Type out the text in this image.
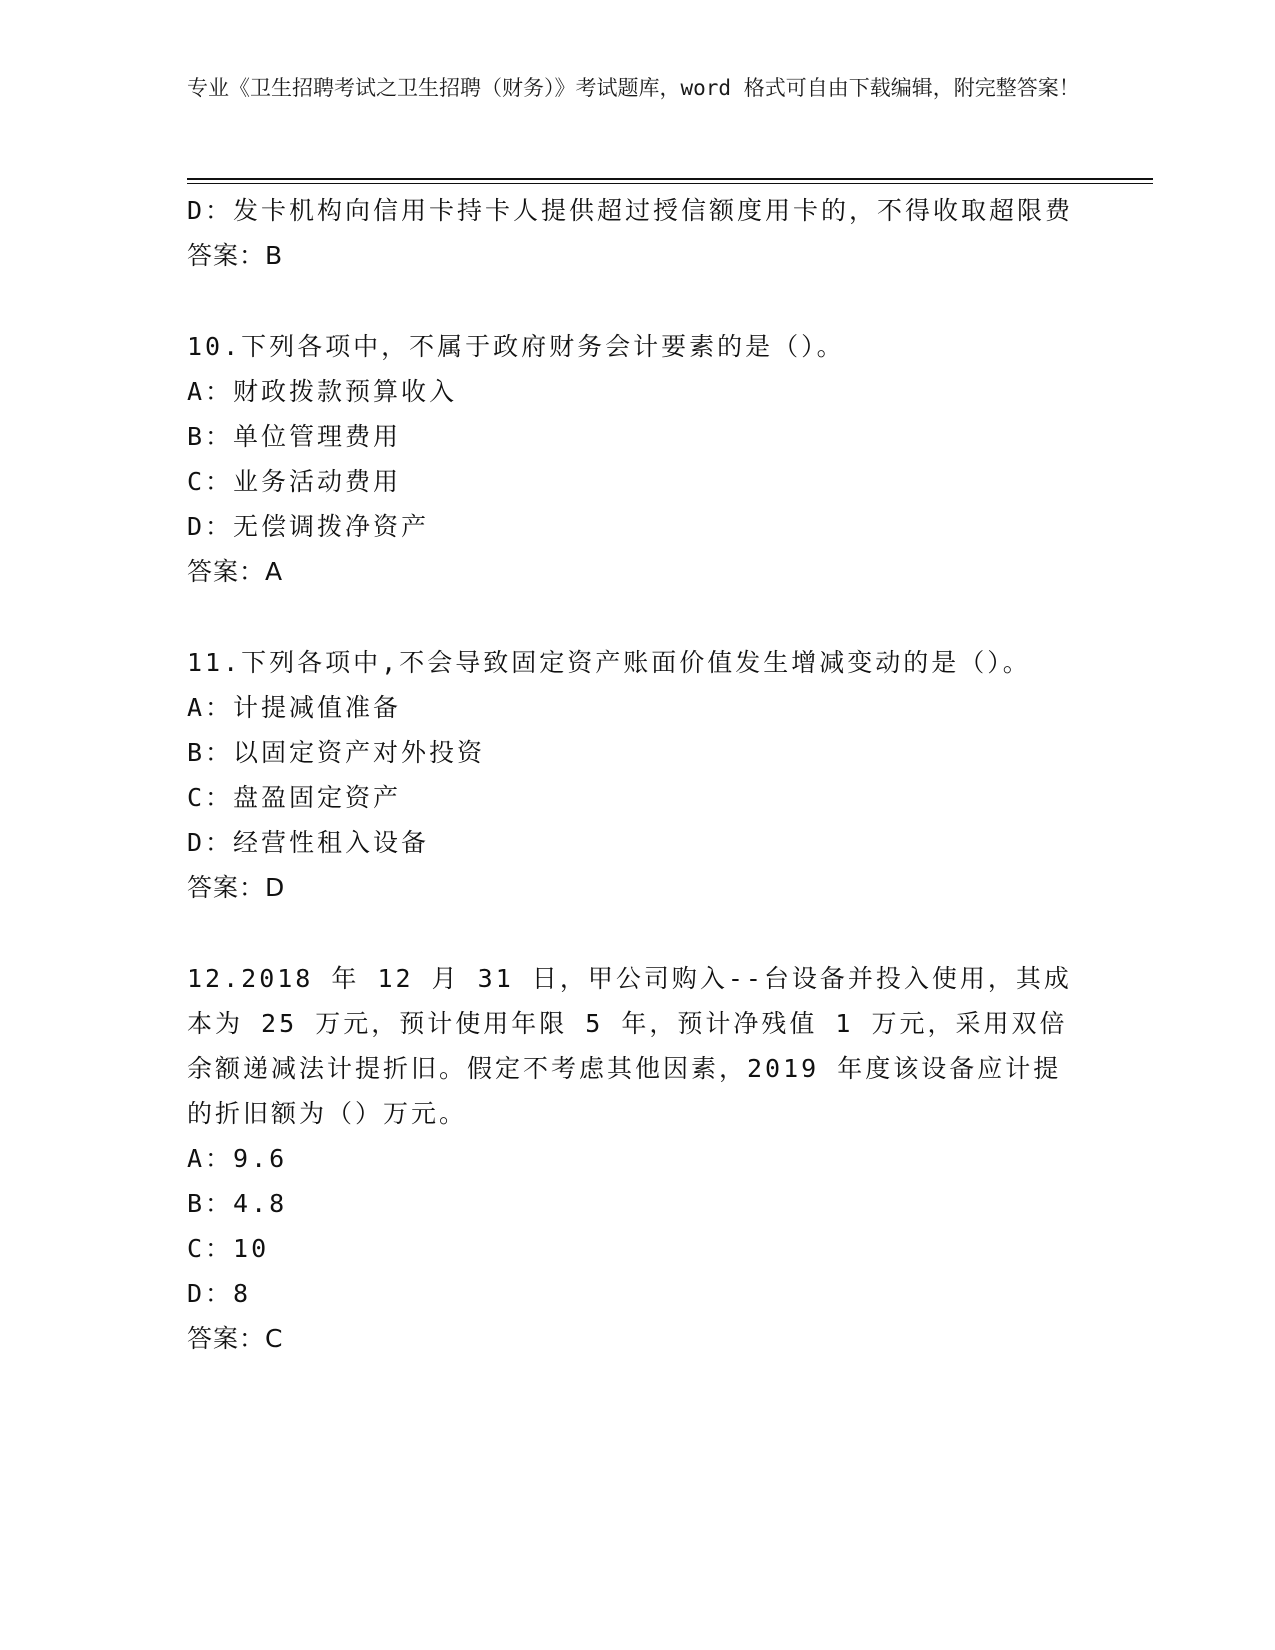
专业《卫生招聘考试之卫生招聘（财务）》考试题库，word 格式可自由下载编辑，附完整答案！
D：发卡机构向信用卡持卡人提供超过授信额度用卡的，不得收取超限费
答案：B
10.下列各项中，不属于政府财务会计要素的是（）。
A：财政拨款预算收入
B：单位管理费用
C：业务活动费用
D：无偿调拨净资产
答案：A
11.下列各项中,不会导致固定资产账面价值发生增减变动的是（）。
A：计提减值准备
B：以固定资产对外投资
C：盘盈固定资产
D：经营性租入设备
答案：D
12.2018 年 12 月 31 日，甲公司购入--台设备并投入使用，其成本为 25 万元，预计使用年限 5 年，预计净残值 1 万元，采用双倍余额递减法计提折旧。假定不考虑其他因素，2019 年度该设备应计提的折旧额为（）万元。
A：9.6
B：4.8
C：10
D：8
答案：C
